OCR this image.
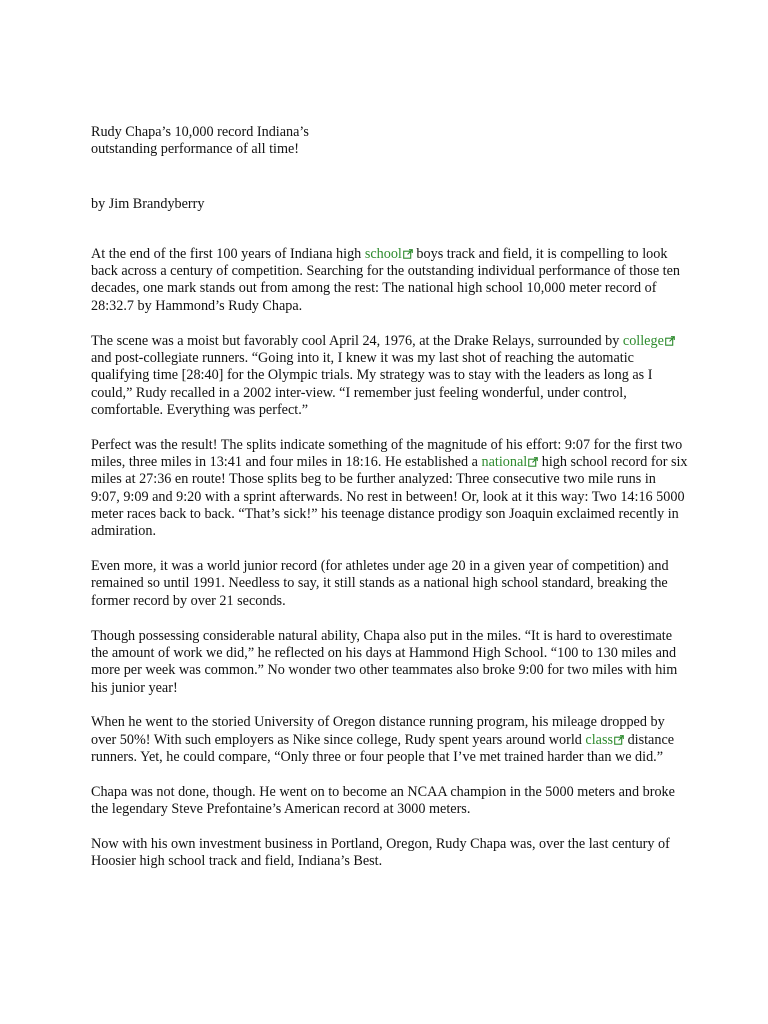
Rudy Chapa’s 10,000 record Indiana’s
outstanding performance of all time!

by Jim Brandyberry

At the end of the first 100 years of Indiana high school
boys track and field, it is compelling to look back across a century of competition. Searching for the outstanding individual performance of those ten decades, one mark stands out from among the rest: The national high school 10,000 meter record of 28:32.7 by Hammond’s Rudy Chapa.

The scene was a moist but favorably cool April 24, 1976, at the Drake Relays, surrounded by college
and post-collegiate runners. “Going into it, I knew it was my last shot of reaching the automatic qualifying time [28:40] for the Olympic trials. My strategy was to stay with the leaders as long as I could,” Rudy recalled in a 2002 inter-view. “I remember just feeling wonderful, under control, comfortable. Everything was perfect.”

Perfect was the result! The splits indicate something of the magnitude of his effort: 9:07 for the first two miles, three miles in 13:41 and four miles in 18:16. He established a national
high school record for six miles at 27:36 en route! Those splits beg to be further analyzed: Three consecutive two mile runs in 9:07, 9:09 and 9:20 with a sprint afterwards. No rest in between! Or, look at it this way: Two 14:16 5000 meter races back to back. “That’s sick!” his teenage distance prodigy son Joaquin exclaimed recently in admiration.

Even more, it was a world junior record (for athletes under age 20 in a given year of competition) and remained so until 1991. Needless to say, it still stands as a national high school standard, breaking the former record by over 21 seconds.

Though possessing considerable natural ability, Chapa also put in the miles. “It is hard to overestimate the amount of work we did,” he reflected on his days at Hammond High School. “100 to 130 miles and more per week was common.” No wonder two other teammates also broke 9:00 for two miles with him his junior year!

When he went to the storied University of Oregon distance running program, his mileage dropped by over 50%! With such employers as Nike since college, Rudy spent years around world class
distance runners. Yet, he could compare, “Only three or four people that I’ve met trained harder than we did.”

Chapa was not done, though. He went on to become an NCAA champion in the 5000 meters and broke the legendary Steve Prefontaine’s American record at 3000 meters.

Now with his own investment business in Portland, Oregon, Rudy Chapa was, over the last century of Hoosier high school track and field, Indiana’s Best.
